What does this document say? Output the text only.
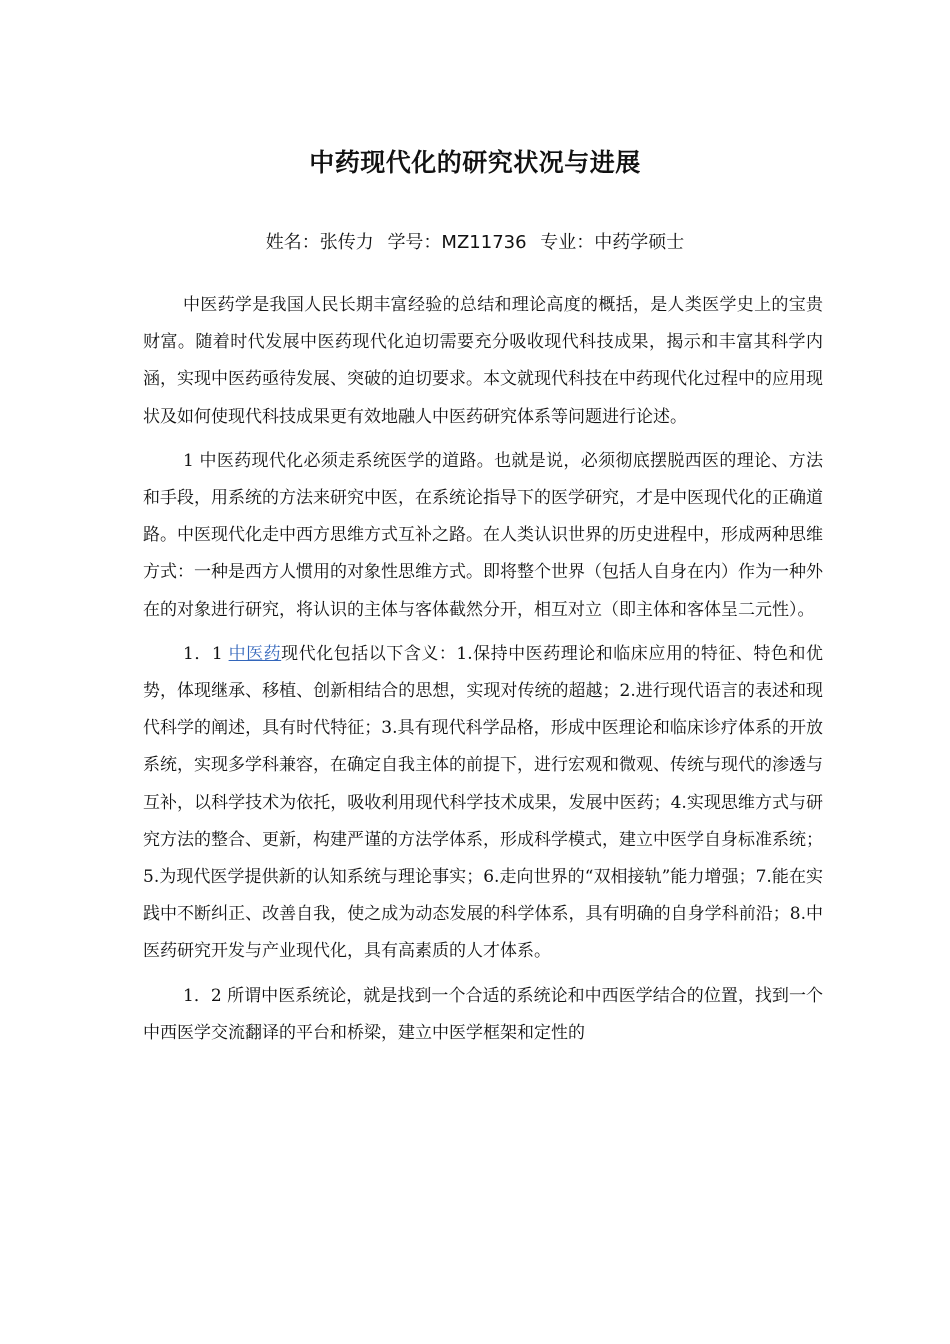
中药现代化的研究状况与进展
姓名：张传力 学号：MZ11736 专业：中药学硕士

中医药学是我国人民长期丰富经验的总结和理论高度的概括，是人类医学史上的宝贵财富。随着时代发展中医药现代化迫切需要充分吸收现代科技成果，揭示和丰富其科学内涵，实现中医药亟待发展、突破的迫切要求。本文就现代科技在中药现代化过程中的应用现状及如何使现代科技成果更有效地融人中医药研究体系等问题进行论述。

1 中医药现代化必须走系统医学的道路。也就是说，必须彻底摆脱西医的理论、方法和手段，用系统的方法来研究中医，在系统论指导下的医学研究，才是中医现代化的正确道路。中医现代化走中西方思维方式互补之路。在人类认识世界的历史进程中，形成两种思维方式：一种是西方人惯用的对象性思维方式。即将整个世界（包括人自身在内）作为一种外在的对象进行研究，将认识的主体与客体截然分开，相互对立（即主体和客体呈二元性）。

1．1 中医药现代化包括以下含义：1.保持中医药理论和临床应用的特征、特色和优势，体现继承、移植、创新相结合的思想，实现对传统的超越；2.进行现代语言的表述和现代科学的阐述，具有时代特征；3.具有现代科学品格，形成中医理论和临床诊疗体系的开放系统，实现多学科兼容，在确定自我主体的前提下，进行宏观和微观、传统与现代的渗透与互补，以科学技术为依托，吸收利用现代科学技术成果，发展中医药；4.实现思维方式与研究方法的整合、更新，构建严谨的方法学体系，形成科学模式，建立中医学自身标准系统；5.为现代医学提供新的认知系统与理论事实；6.走向世界的“双相接轨”能力增强；7.能在实践中不断纠正、改善自我，使之成为动态发展的科学体系，具有明确的自身学科前沿；8.中医药研究开发与产业现代化，具有高素质的人才体系。

1．2 所谓中医系统论，就是找到一个合适的系统论和中西医学结合的位置，找到一个中西医学交流翻译的平台和桥梁，建立中医学框架和定性的
